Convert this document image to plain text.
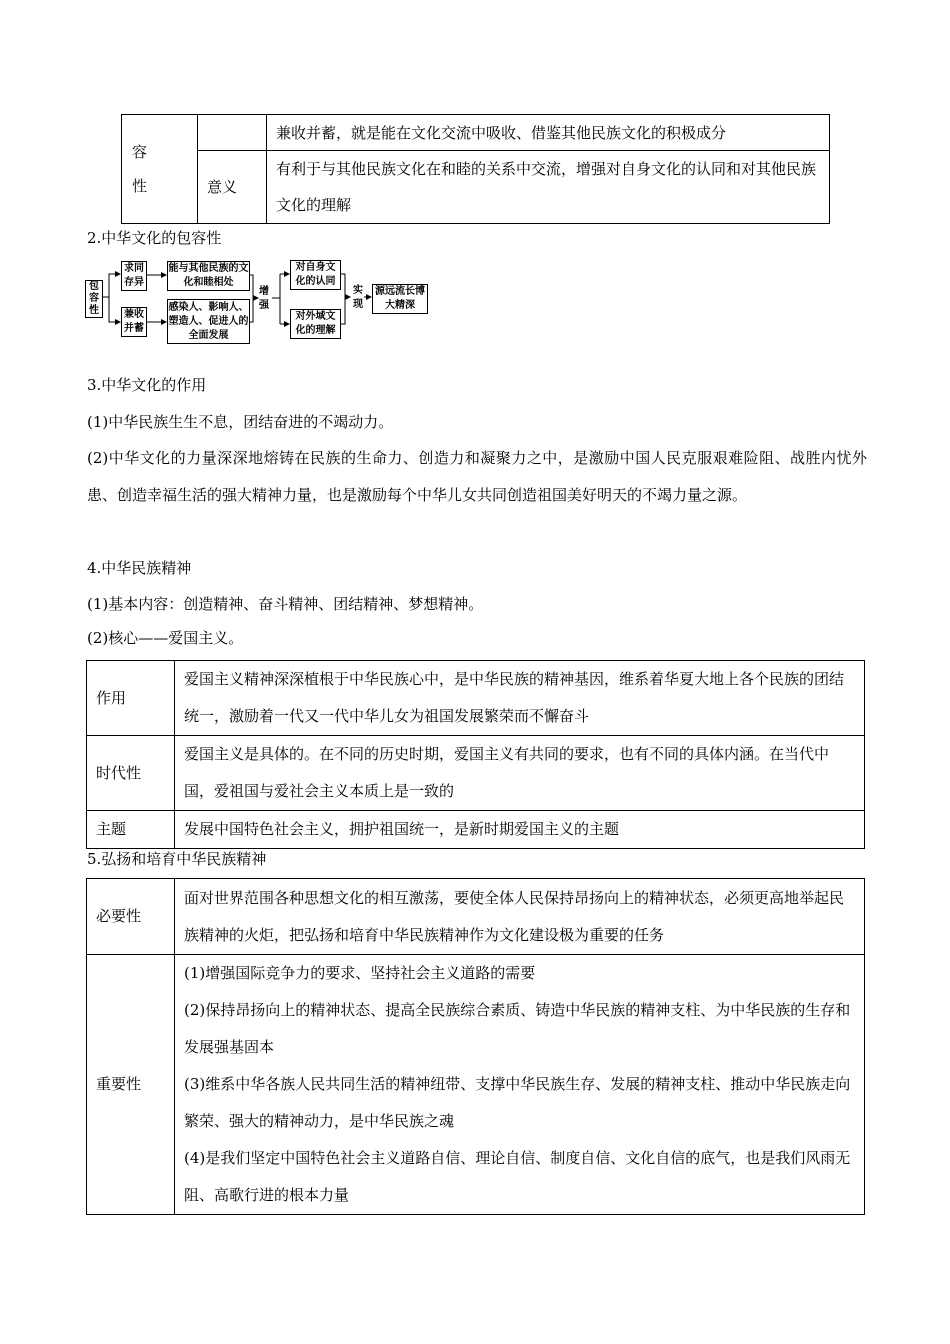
容
性		兼收并蓄，就是能在文化交流中吸收、借鉴其他民族文化的积极成分
	意义	有利于与其他民族文化在和睦的关系中交流，增强对自身文化的认同和对其他民族文化的理解
2.中华文化的包容性
包容性
求同存异
兼收并蓄
能与其他民族的文化和睦相处
感染人、影响人、塑造人、促进人的全面发展
增强
对自身文化的认同
对外域文化的理解
实现
源远流长博大精深
3.中华文化的作用
(1)中华民族生生不息，团结奋进的不竭动力。
(2)中华文化的力量深深地熔铸在民族的生命力、创造力和凝聚力之中，是激励中国人民克服艰难险阻、战胜内忧外患、创造幸福生活的强大精神力量，也是激励每个中华儿女共同创造祖国美好明天的不竭力量之源。
4.中华民族精神
(1)基本内容：创造精神、奋斗精神、团结精神、梦想精神。
(2)核心——爱国主义。
作用	爱国主义精神深深植根于中华民族心中，是中华民族的精神基因，维系着华夏大地上各个民族的团结统一，激励着一代又一代中华儿女为祖国发展繁荣而不懈奋斗
时代性	爱国主义是具体的。在不同的历史时期，爱国主义有共同的要求，也有不同的具体内涵。在当代中国，爱祖国与爱社会主义本质上是一致的
主题	发展中国特色社会主义，拥护祖国统一，是新时期爱国主义的主题
5.弘扬和培育中华民族精神
必要性	面对世界范围各种思想文化的相互激荡，要使全体人民保持昂扬向上的精神状态，必须更高地举起民族精神的火炬，把弘扬和培育中华民族精神作为文化建设极为重要的任务
重要性	(1)增强国际竞争力的要求、坚持社会主义道路的需要
(2)保持昂扬向上的精神状态、提高全民族综合素质、铸造中华民族的精神支柱、为中华民族的生存和发展强基固本
(3)维系中华各族人民共同生活的精神纽带、支撑中华民族生存、发展的精神支柱、推动中华民族走向繁荣、强大的精神动力，是中华民族之魂
(4)是我们坚定中国特色社会主义道路自信、理论自信、制度自信、文化自信的底气，也是我们风雨无阻、高歌行进的根本力量
